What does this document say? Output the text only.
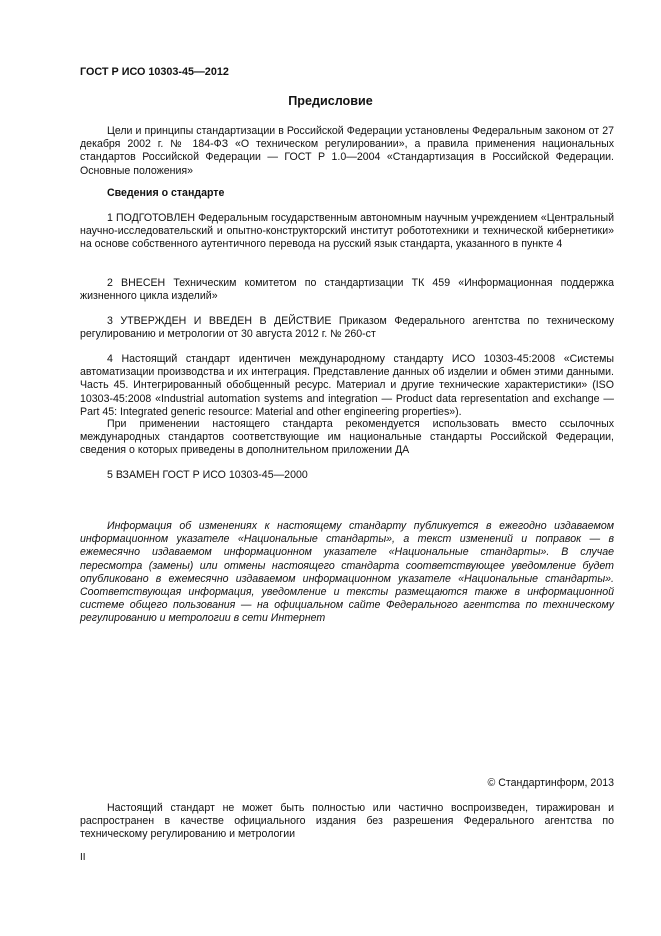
ГОСТ Р ИСО 10303-45—2012
Предисловие
Цели и принципы стандартизации в Российской Федерации установлены Федеральным законом от 27 декабря 2002 г. № 184-ФЗ «О техническом регулировании», а правила применения национальных стандартов Российской Федерации — ГОСТ Р 1.0—2004 «Стандартизация в Российской Федерации. Основные положения»
Сведения о стандарте
1 ПОДГОТОВЛЕН Федеральным государственным автономным научным учреждением «Центральный научно-исследовательский и опытно-конструкторский институт робототехники и технической кибернетики» на основе собственного аутентичного перевода на русский язык стандарта, указанного в пункте 4
2 ВНЕСЕН Техническим комитетом по стандартизации ТК 459 «Информационная поддержка жизненного цикла изделий»
3 УТВЕРЖДЕН И ВВЕДЕН В ДЕЙСТВИЕ Приказом Федерального агентства по техническому регулированию и метрологии от 30 августа 2012 г. № 260-ст
4 Настоящий стандарт идентичен международному стандарту ИСО 10303-45:2008 «Системы автоматизации производства и их интеграция. Представление данных об изделии и обмен этими данными. Часть 45. Интегрированный обобщенный ресурс. Материал и другие технические характеристики» (ISO 10303-45:2008 «Industrial automation systems and integration — Product data representation and exchange — Part 45: Integrated generic resource: Material and other engineering properties»).
При применении настоящего стандарта рекомендуется использовать вместо ссылочных международных стандартов соответствующие им национальные стандарты Российской Федерации, сведения о которых приведены в дополнительном приложении ДА
5 ВЗАМЕН ГОСТ Р ИСО 10303-45—2000
Информация об изменениях к настоящему стандарту публикуется в ежегодно издаваемом информационном указателе «Национальные стандарты», а текст изменений и поправок — в ежемесячно издаваемом информационном указателе «Национальные стандарты». В случае пересмотра (замены) или отмены настоящего стандарта соответствующее уведомление будет опубликовано в ежемесячно издаваемом информационном указателе «Национальные стандарты». Соответствующая информация, уведомление и тексты размещаются также в информационной системе общего пользования — на официальном сайте Федерального агентства по техническому регулированию и метрологии в сети Интернет
© Стандартинформ, 2013
Настоящий стандарт не может быть полностью или частично воспроизведен, тиражирован и распространен в качестве официального издания без разрешения Федерального агентства по техническому регулированию и метрологии
II
